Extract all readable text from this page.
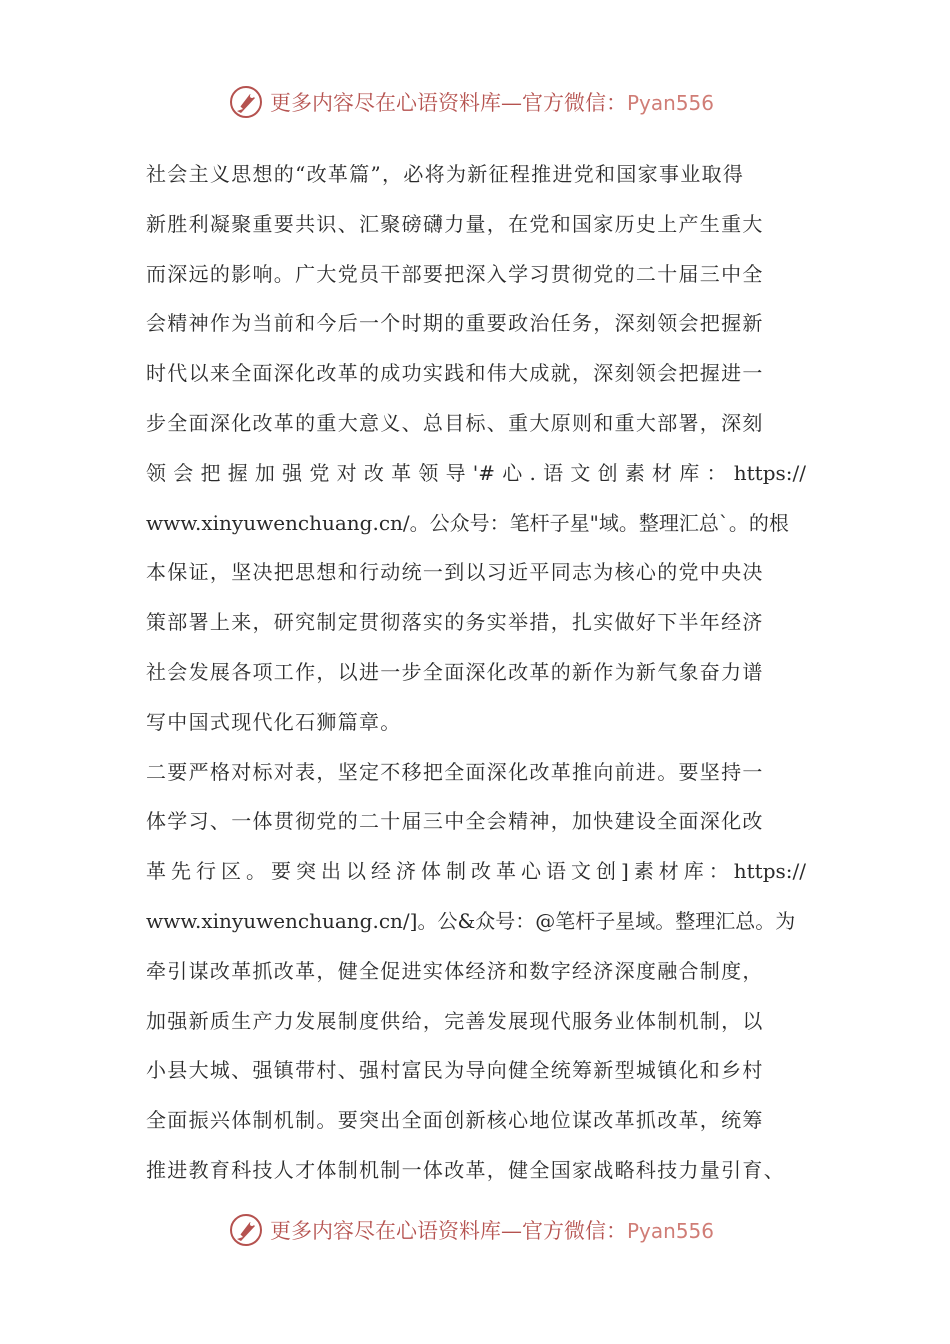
更多内容尽在心语资料库—官方微信：Pyan556
社会主义思想的“改革篇”，必将为新征程推进党和国家事业取得
新胜利凝聚重要共识、汇聚磅礴力量，在党和国家历史上产生重大
而深远的影响。广大党员干部要把深入学习贯彻党的二十届三中全
会精神作为当前和今后一个时期的重要政治任务，深刻领会把握新
时代以来全面深化改革的成功实践和伟大成就，深刻领会把握进一
步全面深化改革的重大意义、总目标、重大原则和重大部署，深刻
领会把握加强党对改革领导'#心.语文创素材库：https://
www.xinyuwenchuang.cn/。公众号：笔杆子星"域。整理汇总`。的根
本保证，坚决把思想和行动统一到以习近平同志为核心的党中央决
策部署上来，研究制定贯彻落实的务实举措，扎实做好下半年经济
社会发展各项工作，以进一步全面深化改革的新作为新气象奋力谱
写中国式现代化石狮篇章。
二要严格对标对表，坚定不移把全面深化改革推向前进。要坚持一
体学习、一体贯彻党的二十届三中全会精神，加快建设全面深化改
革先行区。要突出以经济体制改革心语文创]素材库：https://
www.xinyuwenchuang.cn/]。公&众号：@笔杆子星域。整理汇总。为
牵引谋改革抓改革，健全促进实体经济和数字经济深度融合制度，
加强新质生产力发展制度供给，完善发展现代服务业体制机制，以
小县大城、强镇带村、强村富民为导向健全统筹新型城镇化和乡村
全面振兴体制机制。要突出全面创新核心地位谋改革抓改革，统筹
推进教育科技人才体制机制一体改革，健全国家战略科技力量引育、
更多内容尽在心语资料库—官方微信：Pyan556
